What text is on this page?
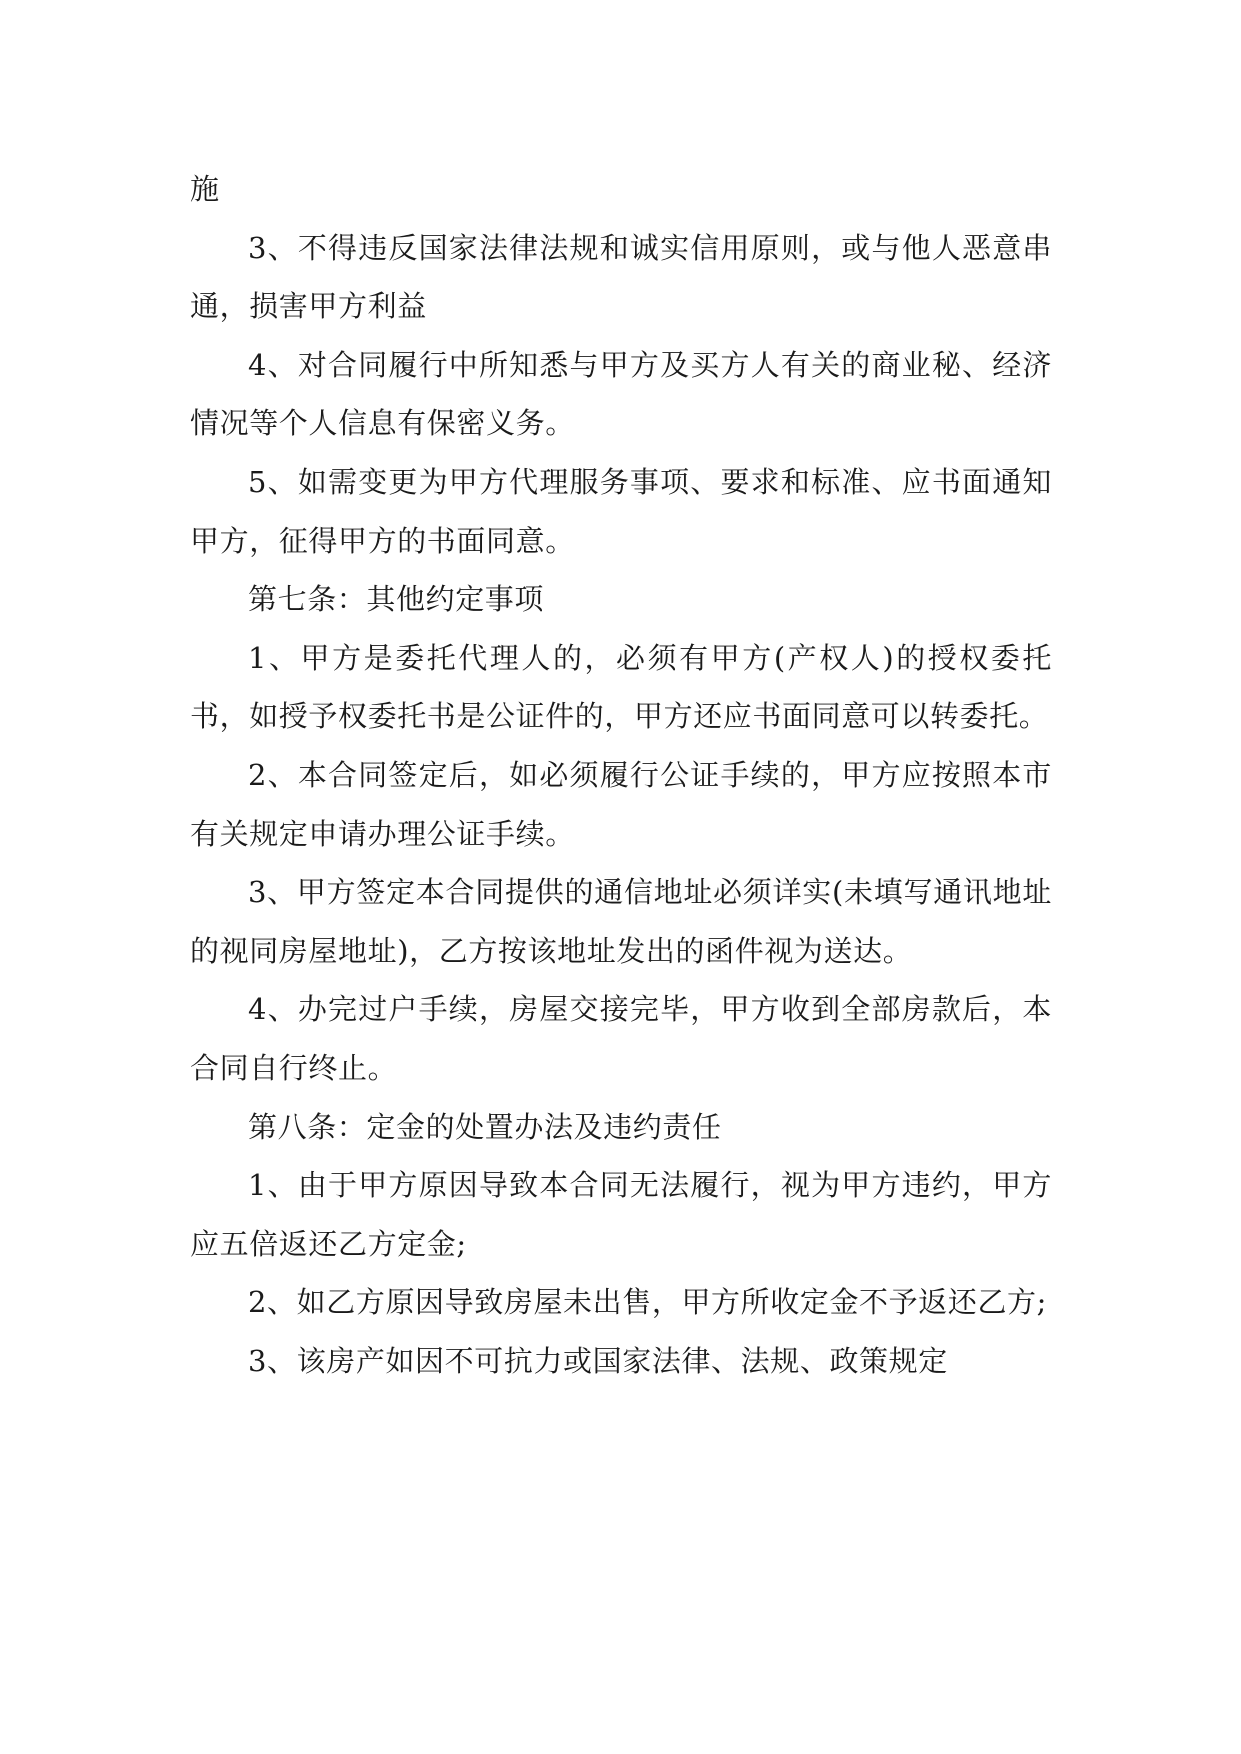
施

3、不得违反国家法律法规和诚实信用原则，或与他人恶意串通，损害甲方利益

4、对合同履行中所知悉与甲方及买方人有关的商业秘、经济情况等个人信息有保密义务。

5、如需变更为甲方代理服务事项、要求和标准、应书面通知甲方，征得甲方的书面同意。

第七条：其他约定事项

1、甲方是委托代理人的，必须有甲方(产权人)的授权委托书，如授予权委托书是公证件的，甲方还应书面同意可以转委托。

2、本合同签定后，如必须履行公证手续的，甲方应按照本市有关规定申请办理公证手续。

3、甲方签定本合同提供的通信地址必须详实(未填写通讯地址的视同房屋地址)，乙方按该地址发出的函件视为送达。

4、办完过户手续，房屋交接完毕，甲方收到全部房款后，本合同自行终止。

第八条：定金的处置办法及违约责任

1、由于甲方原因导致本合同无法履行，视为甲方违约，甲方应五倍返还乙方定金;

2、如乙方原因导致房屋未出售，甲方所收定金不予返还乙方;

3、该房产如因不可抗力或国家法律、法规、政策规定
